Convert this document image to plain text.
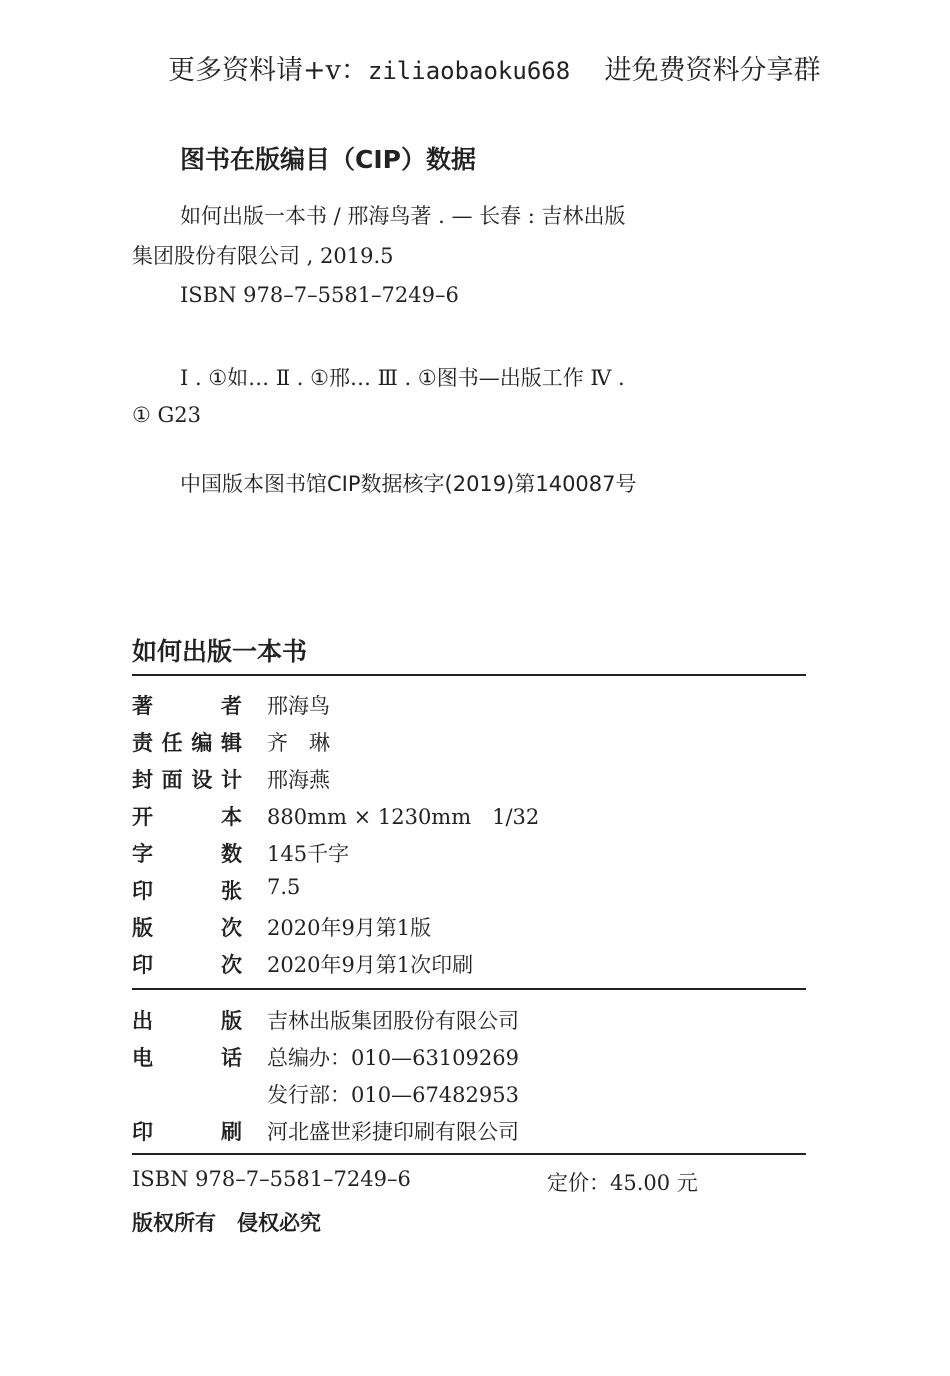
更多资料请+v：ziliaobaoku668 进免费资料分享群
图书在版编目（CIP）数据
如何出版一本书 / 邢海鸟著 . — 长春 : 吉林出版
集团股份有限公司 , 2019.5
ISBN 978–7–5581–7249–6
Ⅰ . ①如… Ⅱ . ①邢… Ⅲ . ①图书—出版工作 Ⅳ .
① G23
中国版本图书馆CIP数据核字(2019)第140087号
如何出版一本书
著	者 邢海鸟
责 任 编 辑 齐　琳
封 面 设 计 邢海燕
开	本 880mm × 1230mm　1/32
字	数 145千字
印	张 7.5
版	次 2020年9月第1版
印	次 2020年9月第1次印刷
出	版 吉林出版集团股份有限公司
电	话 总编办：010—63109269
发行部：010—67482953
印	刷 河北盛世彩捷印刷有限公司
ISBN 978–7–5581–7249–6	定价：45.00 元
版权所有　侵权必究
